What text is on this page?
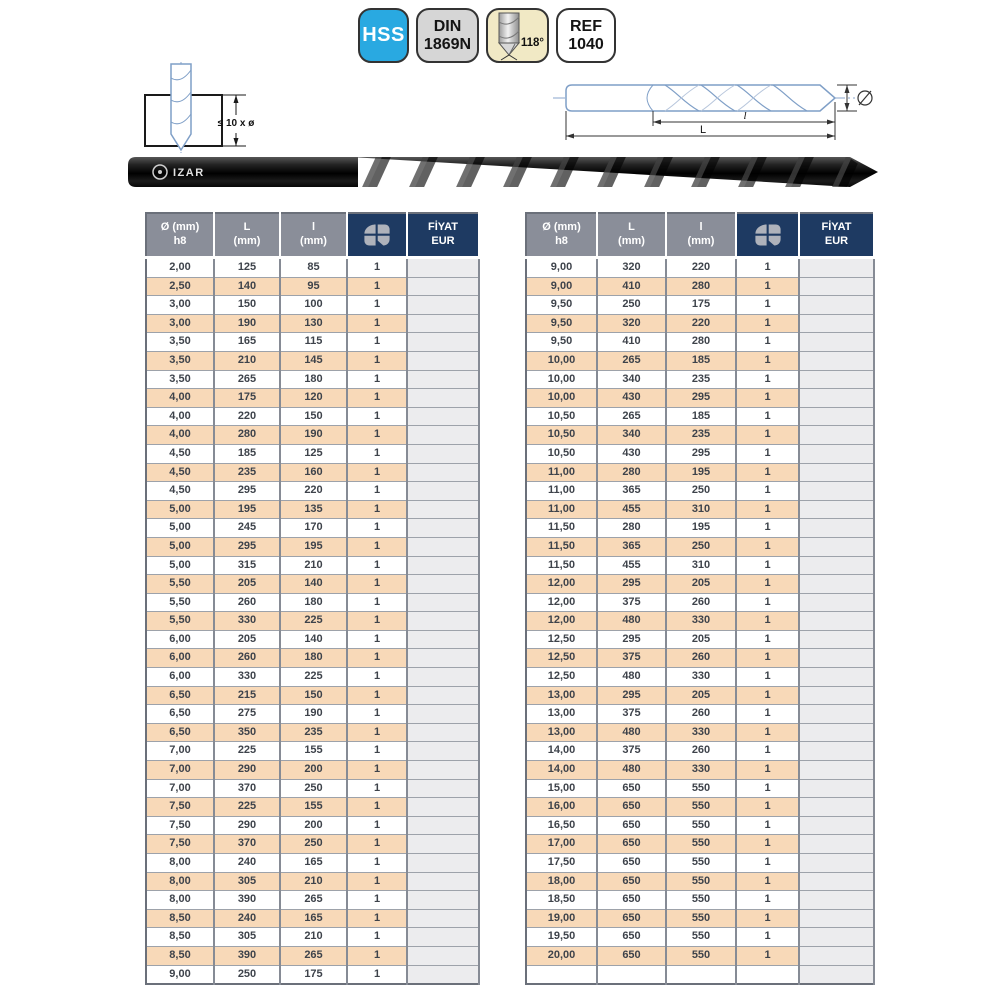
HSS DIN
1869N	118°
REF
1040
≤ 10 x ø
l
L
IZAR
Ø (mm)
h8

L
(mm)

l
(mm)

FİYAT
EUR

2,00	125	85	1	
2,50	140	95	1	
3,00	150	100	1	
3,00	190	130	1	
3,50	165	115	1	
3,50	210	145	1	
3,50	265	180	1	
4,00	175	120	1	
4,00	220	150	1	
4,00	280	190	1	
4,50	185	125	1	
4,50	235	160	1	
4,50	295	220	1	
5,00	195	135	1	
5,00	245	170	1	
5,00	295	195	1	
5,00	315	210	1	
5,50	205	140	1	
5,50	260	180	1	
5,50	330	225	1	
6,00	205	140	1	
6,00	260	180	1	
6,00	330	225	1	
6,50	215	150	1	
6,50	275	190	1	
6,50	350	235	1	
7,00	225	155	1	
7,00	290	200	1	
7,00	370	250	1	
7,50	225	155	1	
7,50	290	200	1	
7,50	370	250	1	
8,00	240	165	1	
8,00	305	210	1	
8,00	390	265	1	
8,50	240	165	1	
8,50	305	210	1	
8,50	390	265	1	
9,00	250	175	1	
Ø (mm)
h8

L
(mm)

l
(mm)

FİYAT
EUR

9,00	320	220	1	
9,00	410	280	1	
9,50	250	175	1	
9,50	320	220	1	
9,50	410	280	1	
10,00	265	185	1	
10,00	340	235	1	
10,00	430	295	1	
10,50	265	185	1	
10,50	340	235	1	
10,50	430	295	1	
11,00	280	195	1	
11,00	365	250	1	
11,00	455	310	1	
11,50	280	195	1	
11,50	365	250	1	
11,50	455	310	1	
12,00	295	205	1	
12,00	375	260	1	
12,00	480	330	1	
12,50	295	205	1	
12,50	375	260	1	
12,50	480	330	1	
13,00	295	205	1	
13,00	375	260	1	
13,00	480	330	1	
14,00	375	260	1	
14,00	480	330	1	
15,00	650	550	1	
16,00	650	550	1	
16,50	650	550	1	
17,00	650	550	1	
17,50	650	550	1	
18,00	650	550	1	
18,50	650	550	1	
19,00	650	550	1	
19,50	650	550	1	
20,00	650	550	1	
